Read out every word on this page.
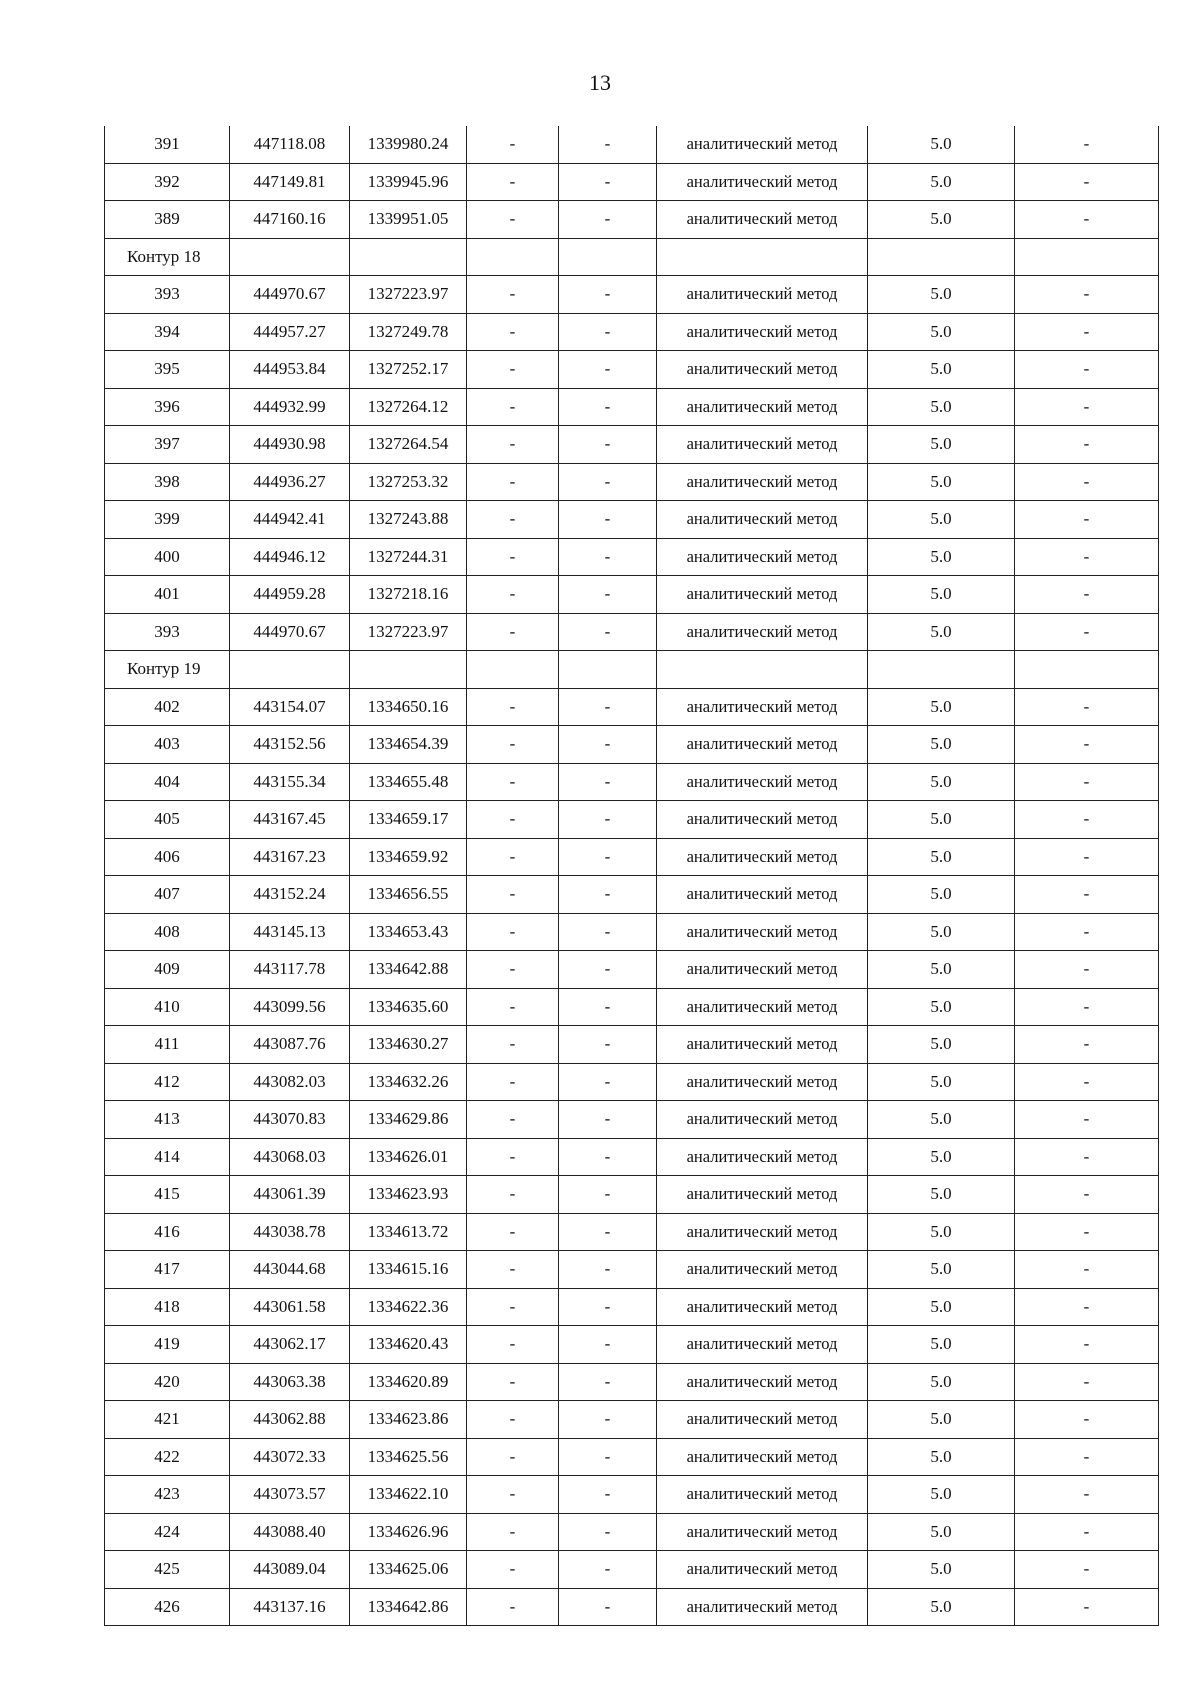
13
391	447118.08	1339980.24	-	-	аналитический метод	5.0	-
392	447149.81	1339945.96	-	-	аналитический метод	5.0	-
389	447160.16	1339951.05	-	-	аналитический метод	5.0	-
Контур 18							
393	444970.67	1327223.97	-	-	аналитический метод	5.0	-
394	444957.27	1327249.78	-	-	аналитический метод	5.0	-
395	444953.84	1327252.17	-	-	аналитический метод	5.0	-
396	444932.99	1327264.12	-	-	аналитический метод	5.0	-
397	444930.98	1327264.54	-	-	аналитический метод	5.0	-
398	444936.27	1327253.32	-	-	аналитический метод	5.0	-
399	444942.41	1327243.88	-	-	аналитический метод	5.0	-
400	444946.12	1327244.31	-	-	аналитический метод	5.0	-
401	444959.28	1327218.16	-	-	аналитический метод	5.0	-
393	444970.67	1327223.97	-	-	аналитический метод	5.0	-
Контур 19							
402	443154.07	1334650.16	-	-	аналитический метод	5.0	-
403	443152.56	1334654.39	-	-	аналитический метод	5.0	-
404	443155.34	1334655.48	-	-	аналитический метод	5.0	-
405	443167.45	1334659.17	-	-	аналитический метод	5.0	-
406	443167.23	1334659.92	-	-	аналитический метод	5.0	-
407	443152.24	1334656.55	-	-	аналитический метод	5.0	-
408	443145.13	1334653.43	-	-	аналитический метод	5.0	-
409	443117.78	1334642.88	-	-	аналитический метод	5.0	-
410	443099.56	1334635.60	-	-	аналитический метод	5.0	-
411	443087.76	1334630.27	-	-	аналитический метод	5.0	-
412	443082.03	1334632.26	-	-	аналитический метод	5.0	-
413	443070.83	1334629.86	-	-	аналитический метод	5.0	-
414	443068.03	1334626.01	-	-	аналитический метод	5.0	-
415	443061.39	1334623.93	-	-	аналитический метод	5.0	-
416	443038.78	1334613.72	-	-	аналитический метод	5.0	-
417	443044.68	1334615.16	-	-	аналитический метод	5.0	-
418	443061.58	1334622.36	-	-	аналитический метод	5.0	-
419	443062.17	1334620.43	-	-	аналитический метод	5.0	-
420	443063.38	1334620.89	-	-	аналитический метод	5.0	-
421	443062.88	1334623.86	-	-	аналитический метод	5.0	-
422	443072.33	1334625.56	-	-	аналитический метод	5.0	-
423	443073.57	1334622.10	-	-	аналитический метод	5.0	-
424	443088.40	1334626.96	-	-	аналитический метод	5.0	-
425	443089.04	1334625.06	-	-	аналитический метод	5.0	-
426	443137.16	1334642.86	-	-	аналитический метод	5.0	-
